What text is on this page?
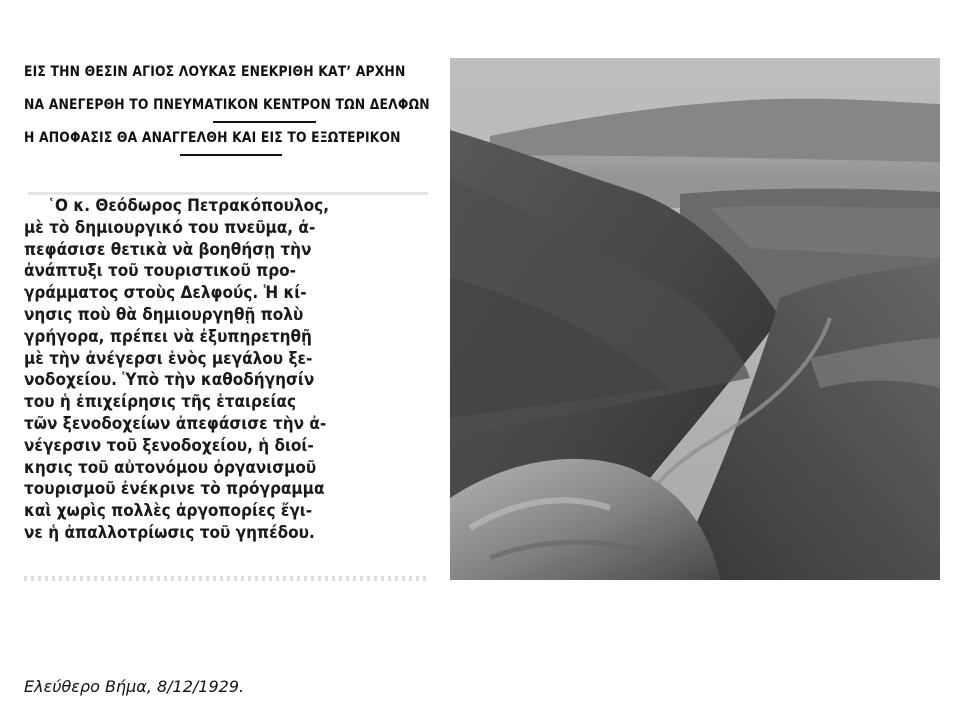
ΕΙΣ ΤΗΝ ΘΕΣΙΝ ΑΓΙΟΣ ΛΟΥΚΑΣ ΕΝΕΚΡΙΘΗ ΚΑΤ’ ΑΡΧΗΝ
ΝΑ ΑΝΕΓΕΡΘΗ ΤΟ ΠΝΕΥΜΑΤΙΚΟΝ ΚΕΝΤΡΟΝ ΤΩΝ ΔΕΛΦΩΝ
Η ΑΠΟΦΑΣΙΣ ΘΑ ΑΝΑΓΓΕΛΘΗ ΚΑΙ ΕΙΣ ΤΟ ΕΞΩΤΕΡΙΚΟΝ
῾Ο κ. Θεόδωρος Πετρακόπουλος,
μὲ τὸ δημιουργικό του πνεῦμα, ἀ-
πεφάσισε θετικὰ νὰ βοηθήσῃ τὴν
ἀνάπτυξι τοῦ τουριστικοῦ προ-
γράμματος στοὺς Δελφούς. Ἡ κί-
νησις ποὺ θὰ δημιουργηθῇ πολὺ
γρήγορα, πρέπει νὰ ἐξυπηρετηθῇ
μὲ τὴν ἀνέγερσι ἑνὸς μεγάλου ξε-
νοδοχείου. Ὑπὸ τὴν καθοδήγησίν
του ἡ ἐπιχείρησις τῆς ἑταιρείας
τῶν ξενοδοχείων ἀπεφάσισε τὴν ἀ-
νέγερσιν τοῦ ξενοδοχείου, ἡ διοί-
κησις τοῦ αὐτονόμου ὀργανισμοῦ
τουρισμοῦ ἐνέκρινε τὸ πρόγραμμα
καὶ χωρὶς πολλὲς ἀργοπορίες ἔγι-
νε ἡ ἀπαλλοτρίωσις τοῦ γηπέδου.
Ελεύθερο Βήμα, 8/12/1929.
